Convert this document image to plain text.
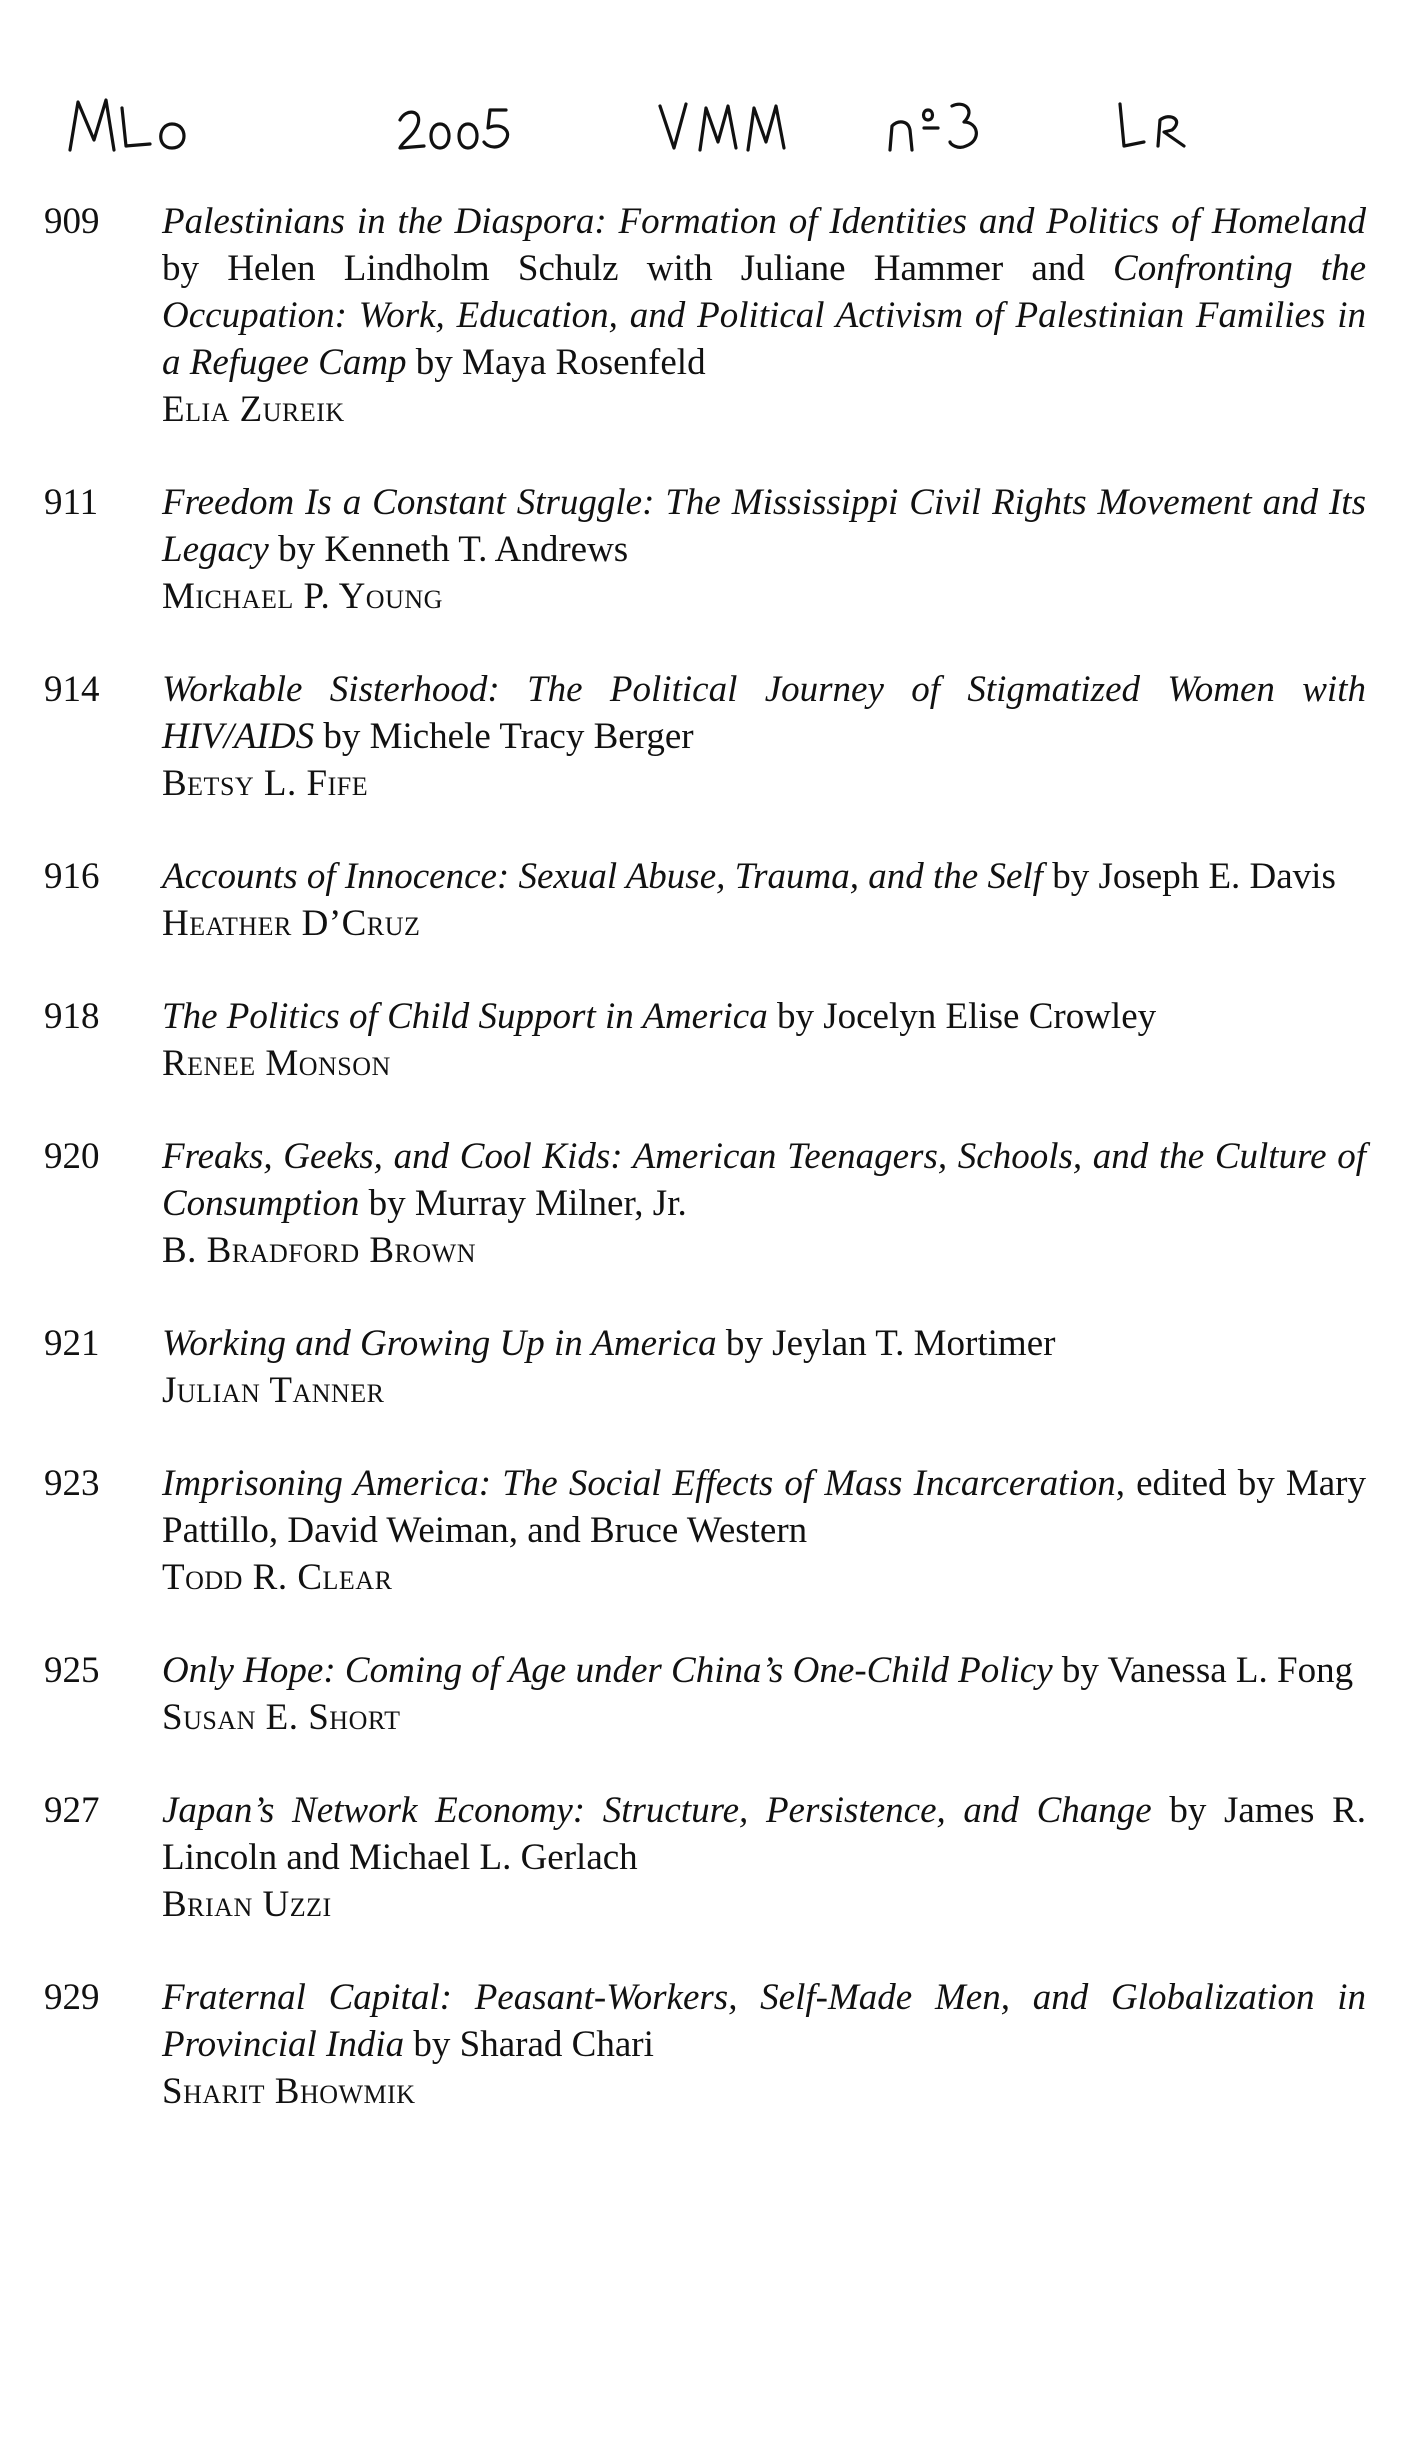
909	Palestinians in the Diaspora: Formation of Identities and Politics of Homeland by Helen Lindholm Schulz with Juliane Hammer and Confronting the Occupation: Work, Education, and Political Activism of Palestinian Families in a Refugee Camp by Maya Rosenfeld
Elia Zureik
911	Freedom Is a Constant Struggle: The Mississippi Civil Rights Movement and Its Legacy by Kenneth T. Andrews
Michael P. Young
914	Workable Sisterhood: The Political Journey of Stigmatized Women with HIV/AIDS by Michele Tracy Berger
Betsy L. Fife
916	Accounts of Innocence: Sexual Abuse, Trauma, and the Self by Joseph E. Davis
Heather D’Cruz
918	The Politics of Child Support in America by Jocelyn Elise Crowley
Renee Monson
920	Freaks, Geeks, and Cool Kids: American Teenagers, Schools, and the Culture of Consumption by Murray Milner, Jr.
B. Bradford Brown
921	Working and Growing Up in America by Jeylan T. Mortimer
Julian Tanner
923	Imprisoning America: The Social Effects of Mass Incarceration, edited by Mary Pattillo, David Weiman, and Bruce Western
Todd R. Clear
925	Only Hope: Coming of Age under China’s One-Child Policy by Vanessa L. Fong
Susan E. Short
927	Japan’s Network Economy: Structure, Persistence, and Change by James R. Lincoln and Michael L. Gerlach
Brian Uzzi
929	Fraternal Capital: Peasant-Workers, Self-Made Men, and Globalization in Provincial India by Sharad Chari
Sharit Bhowmik
